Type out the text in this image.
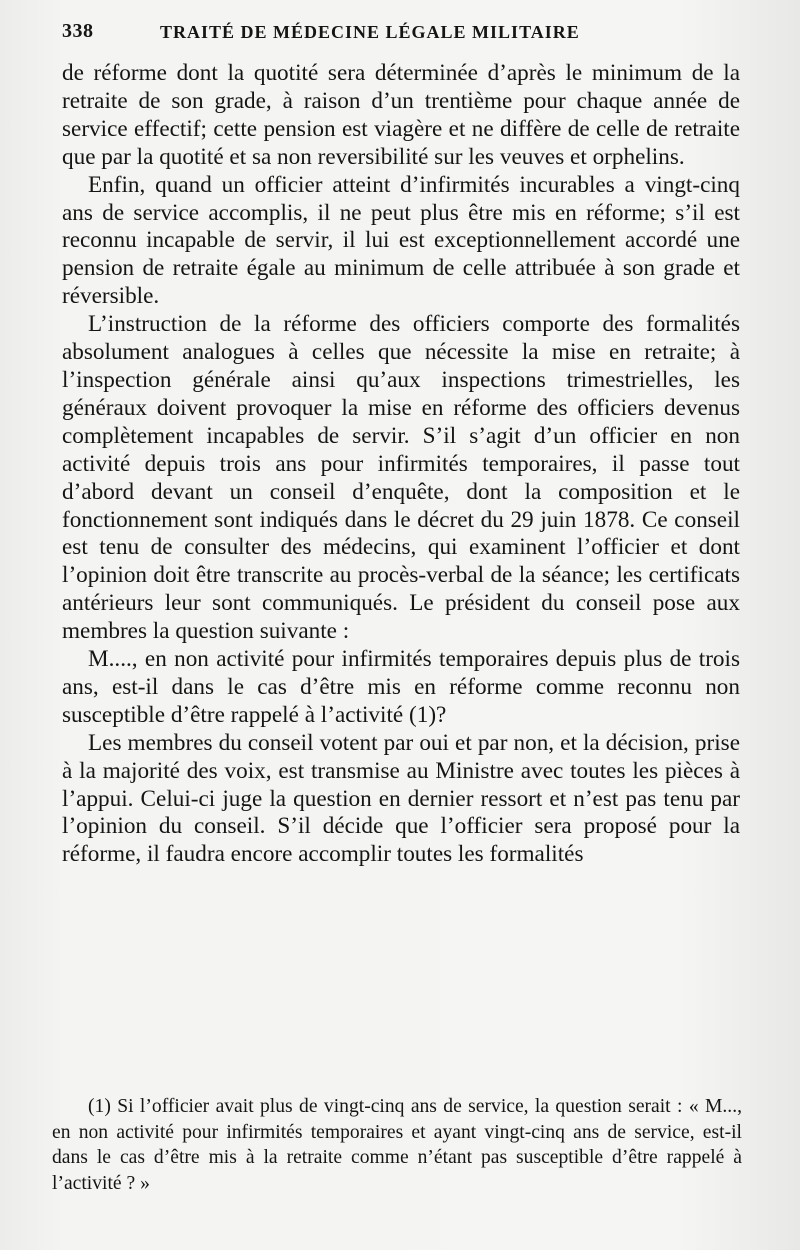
338	TRAITÉ DE MÉDECINE LÉGALE MILITAIRE

de réforme dont la quotité sera déterminée d’après le minimum de la retraite de son grade, à raison d’un trentième pour chaque année de service effectif; cette pension est viagère et ne diffère de celle de retraite que par la quotité et sa non reversibilité sur les veuves et orphelins.

Enfin, quand un officier atteint d’infirmités incurables a vingt-cinq ans de service accomplis, il ne peut plus être mis en réforme; s’il est reconnu incapable de servir, il lui est exceptionnellement accordé une pension de retraite égale au minimum de celle attribuée à son grade et réversible.

L’instruction de la réforme des officiers comporte des formalités absolument analogues à celles que nécessite la mise en retraite; à l’inspection générale ainsi qu’aux inspections trimestrielles, les généraux doivent provoquer la mise en réforme des officiers devenus complètement incapables de servir. S’il s’agit d’un officier en non activité depuis trois ans pour infirmités temporaires, il passe tout d’abord devant un conseil d’enquête, dont la composition et le fonctionnement sont indiqués dans le décret du 29 juin 1878. Ce conseil est tenu de consulter des médecins, qui examinent l’officier et dont l’opinion doit être transcrite au procès-verbal de la séance; les certificats antérieurs leur sont communiqués. Le président du conseil pose aux membres la question suivante :

M...., en non activité pour infirmités temporaires depuis plus de trois ans, est-il dans le cas d’être mis en réforme comme reconnu non susceptible d’être rappelé à l’activité (1)?

Les membres du conseil votent par oui et par non, et la décision, prise à la majorité des voix, est transmise au Ministre avec toutes les pièces à l’appui. Celui-ci juge la question en dernier ressort et n’est pas tenu par l’opinion du conseil. S’il décide que l’officier sera proposé pour la réforme, il faudra encore accomplir toutes les formalités

(1) Si l’officier avait plus de vingt-cinq ans de service, la question serait : « M..., en non activité pour infirmités temporaires et ayant vingt-cinq ans de service, est-il dans le cas d’être mis à la retraite comme n’étant pas susceptible d’être rappelé à l’activité ? »
